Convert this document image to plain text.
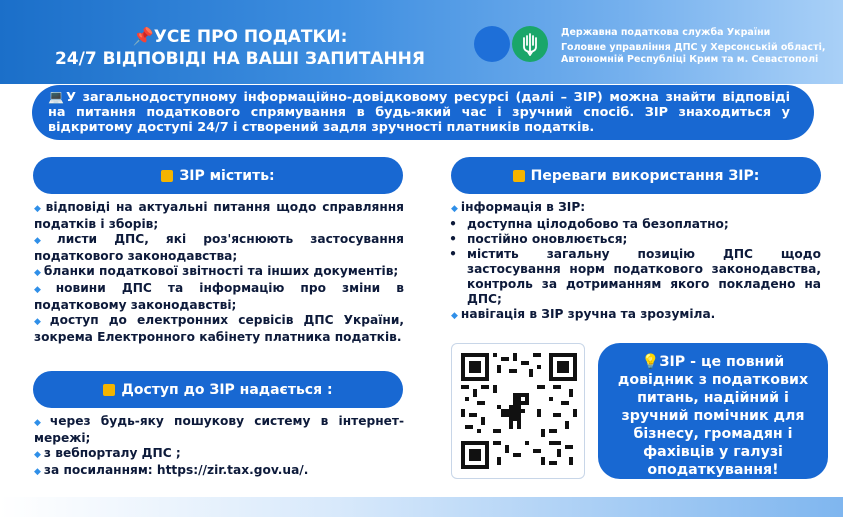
📌УСЕ ПРО ПОДАТКИ:
24/7 ВІДПОВІДІ НА ВАШІ ЗАПИТАННЯ
Державна податкова служба України
Головне управління ДПС у Херсонській області,
Автономній Республіці Крим та м. Севастополі
💻У загальнодоступному інформаційно-довідковому ресурсі (далі – ЗІР) можна знайти відповіді на питання податкового спрямування в будь-який час і зручний спосіб. ЗІР знаходиться у відкритому доступі 24/7 і створений задля зручності платників податків.
ЗІР містить:
◆ відповіді на актуальні питання щодо справляння податків і зборів;
◆ листи ДПС, які роз'яснюють застосування податкового законодавства;
◆ бланки податкової звітності та інших документів;
◆ новини ДПС та інформацію про зміни в податковому законодавстві;
◆ доступ до електронних сервісів ДПС України, зокрема Електронного кабінету платника податків.
Доступ до ЗІР надається :
◆ через будь-яку пошукову систему в інтернет-мережі;
◆ з вебпорталу ДПС ;
◆ за посиланням: https://zir.tax.gov.ua/.
Переваги використання ЗІР:
◆ інформація в ЗІР:
• доступна цілодобово та безоплатно;
• постійно оновлюється;
• містить загальну позицію ДПС щодо застосування норм податкового законодавства, контроль за дотриманням якого покладено на ДПС;
◆ навігація в ЗІР зручна та зрозуміла.
💡ЗІР - це повний довідник з податкових питань, надійний і зручний помічник для бізнесу, громадян і фахівців у галузі оподаткування!
